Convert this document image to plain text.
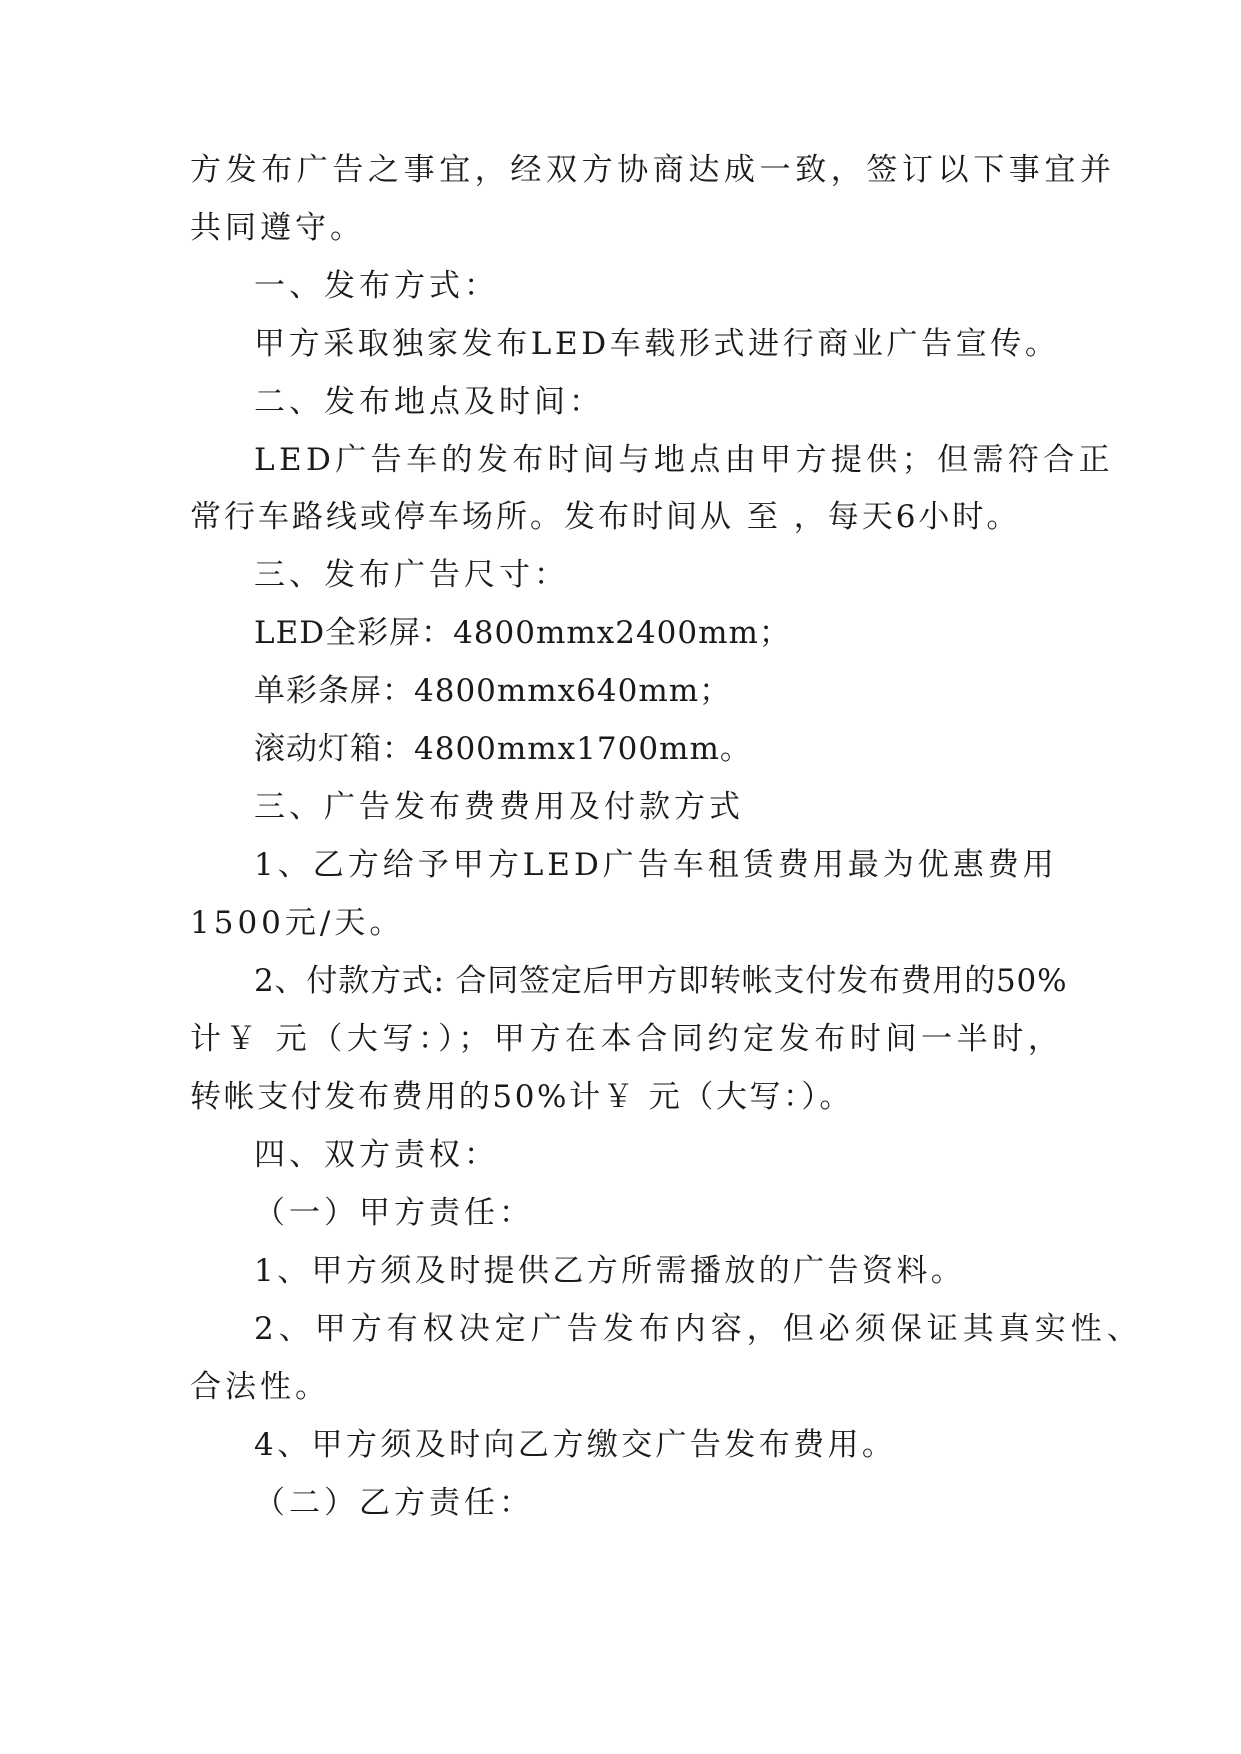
方发布广告之事宜，经双方协商达成一致，签订以下事宜并
共同遵守。
一、发布方式：
甲方采取独家发布LED车载形式进行商业广告宣传。
二、发布地点及时间：
LED广告车的发布时间与地点由甲方提供；但需符合正
常行车路线或停车场所。发布时间从 至 ，每天6小时。
三、发布广告尺寸：
LED全彩屏：4800mmx2400mm；
单彩条屏：4800mmx640mm；
滚动灯箱：4800mmx1700mm。
三、广告发布费费用及付款方式
1、乙方给予甲方LED广告车租赁费用最为优惠费用
1500元/天。
2、付款方式: 合同签定后甲方即转帐支付发布费用的50%
计￥ 元（大写：）；甲方在本合同约定发布时间一半时，
转帐支付发布费用的50%计￥ 元（大写：）。
四、双方责权：
（一）甲方责任：
1、甲方须及时提供乙方所需播放的广告资料。
2、甲方有权决定广告发布内容，但必须保证其真实性、
合法性。
4、甲方须及时向乙方缴交广告发布费用。
（二）乙方责任：
